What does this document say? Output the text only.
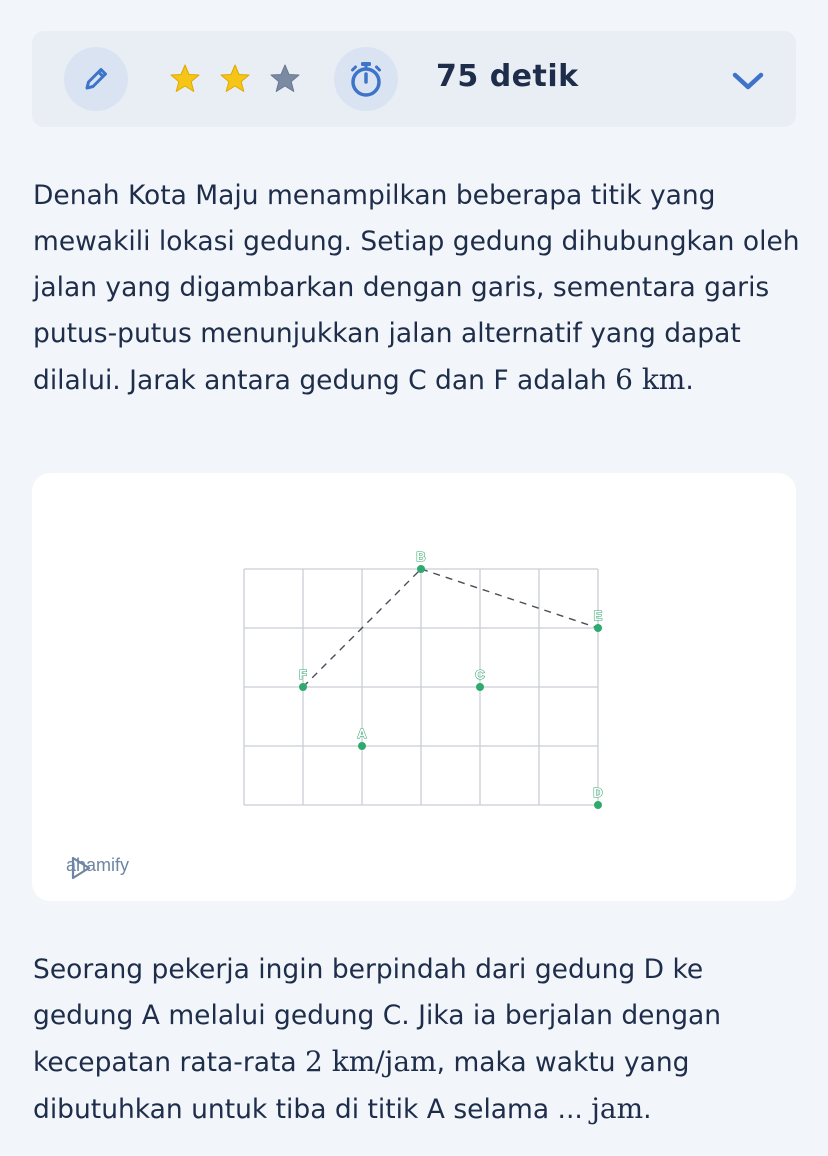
75 detik

Denah Kota Maju menampilkan beberapa titik yang mewakili lokasi gedung. Setiap gedung dihubungkan oleh jalan yang digambarkan dengan garis, sementara garis putus-putus menunjukkan jalan alternatif yang dapat dilalui. Jarak antara gedung C dan F adalah 6 km.

B
E
F	C
A
D
ahamify

Seorang pekerja ingin berpindah dari gedung D ke gedung A melalui gedung C. Jika ia berjalan dengan kecepatan rata-rata 2 km/jam, maka waktu yang dibutuhkan untuk tiba di titik A selama ... jam.
